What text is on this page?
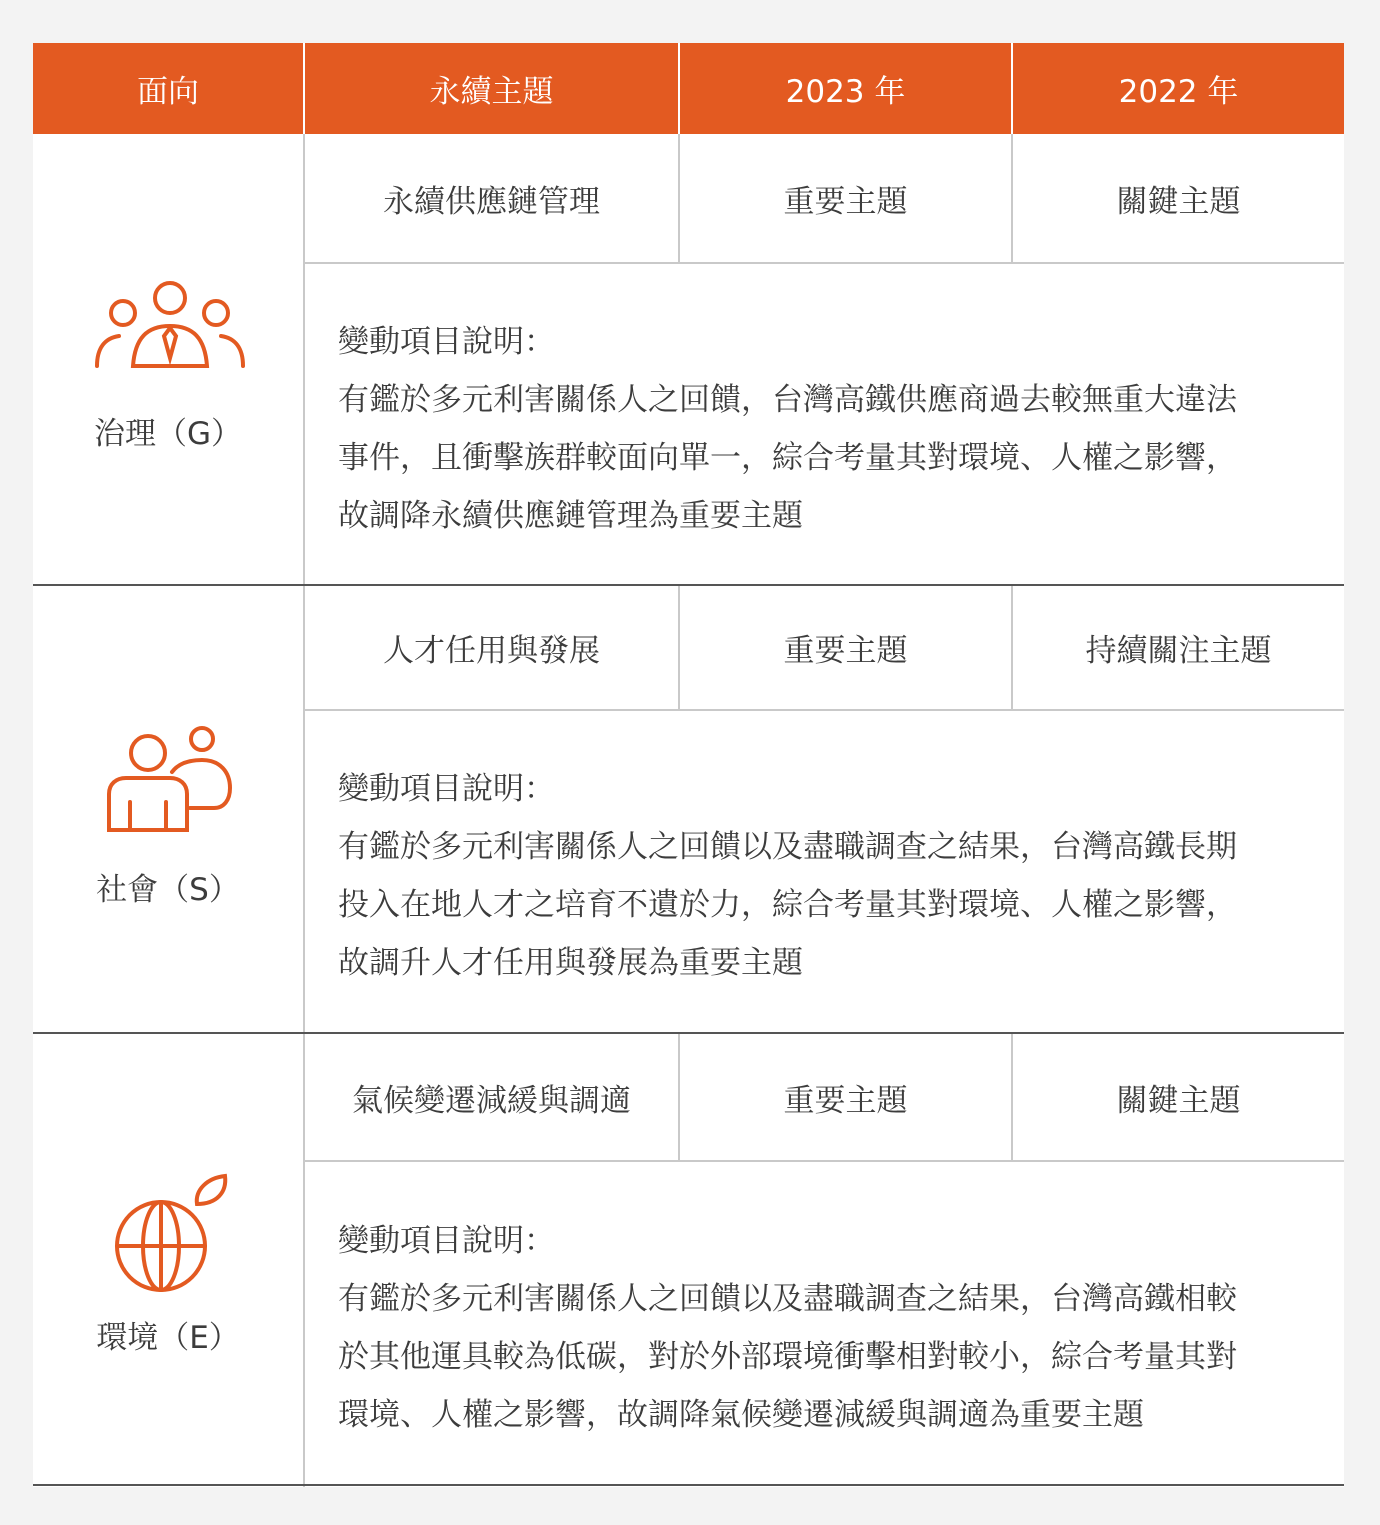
面向	永續主題	2023 年	2022 年
治理（G）
永續供應鏈管理	重要主題	關鍵主題
變動項目說明：
有鑑於多元利害關係人之回饋，台灣高鐵供應商過去較無重大違法
事件，且衝擊族群較面向單一，綜合考量其對環境、人權之影響，
故調降永續供應鏈管理為重要主題
社會（S）
人才任用與發展	重要主題	持續關注主題
變動項目說明：
有鑑於多元利害關係人之回饋以及盡職調查之結果，台灣高鐵長期
投入在地人才之培育不遺於力，綜合考量其對環境、人權之影響，
故調升人才任用與發展為重要主題
環境（E）
氣候變遷減緩與調適	重要主題	關鍵主題
變動項目說明：
有鑑於多元利害關係人之回饋以及盡職調查之結果，台灣高鐵相較
於其他運具較為低碳，對於外部環境衝擊相對較小，綜合考量其對
環境、人權之影響，故調降氣候變遷減緩與調適為重要主題
